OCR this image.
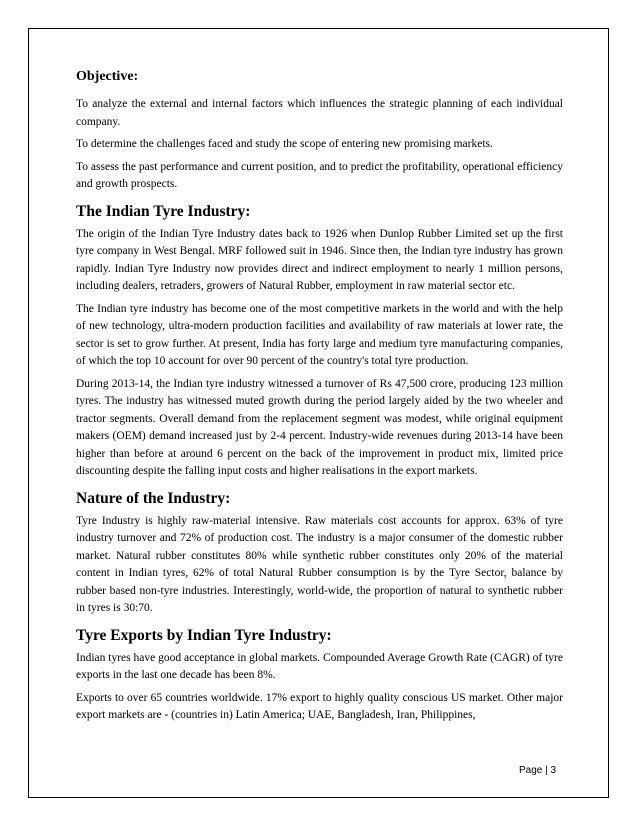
Objective:

To analyze the external and internal factors which influences the strategic planning of each individual company.

To determine the challenges faced and study the scope of entering new promising markets.

To assess the past performance and current position, and to predict the profitability, operational efficiency and growth prospects.

The Indian Tyre Industry:

The origin of the Indian Tyre Industry dates back to 1926 when Dunlop Rubber Limited set up the first tyre company in West Bengal. MRF followed suit in 1946. Since then, the Indian tyre industry has grown rapidly. Indian Tyre Industry now provides direct and indirect employment to nearly 1 million persons, including dealers, retraders, growers of Natural Rubber, employment in raw material sector etc.

The Indian tyre industry has become one of the most competitive markets in the world and with the help of new technology, ultra-modern production facilities and availability of raw materials at lower rate, the sector is set to grow further. At present, India has forty large and medium tyre manufacturing companies, of which the top 10 account for over 90 percent of the country's total tyre production.

During 2013-14, the Indian tyre industry witnessed a turnover of Rs 47,500 crore, producing 123 million tyres. The industry has witnessed muted growth during the period largely aided by the two wheeler and tractor segments. Overall demand from the replacement segment was modest, while original equipment makers (OEM) demand increased just by 2-4 percent. Industry-wide revenues during 2013-14 have been higher than before at around 6 percent on the back of the improvement in product mix, limited price discounting despite the falling input costs and higher realisations in the export markets.

Nature of the Industry:

Tyre Industry is highly raw-material intensive. Raw materials cost accounts for approx. 63% of tyre industry turnover and 72% of production cost. The industry is a major consumer of the domestic rubber market. Natural rubber constitutes 80% while synthetic rubber constitutes only 20% of the material content in Indian tyres, 62% of total Natural Rubber consumption is by the Tyre Sector, balance by rubber based non-tyre industries. Interestingly, world-wide, the proportion of natural to synthetic rubber in tyres is 30:70.

Tyre Exports by Indian Tyre Industry:

Indian tyres have good acceptance in global markets. Compounded Average Growth Rate (CAGR) of tyre exports in the last one decade has been 8%.

Exports to over 65 countries worldwide. 17% export to highly quality conscious US market. Other major export markets are - (countries in) Latin America; UAE, Bangladesh, Iran, Philippines,

Page | 3
